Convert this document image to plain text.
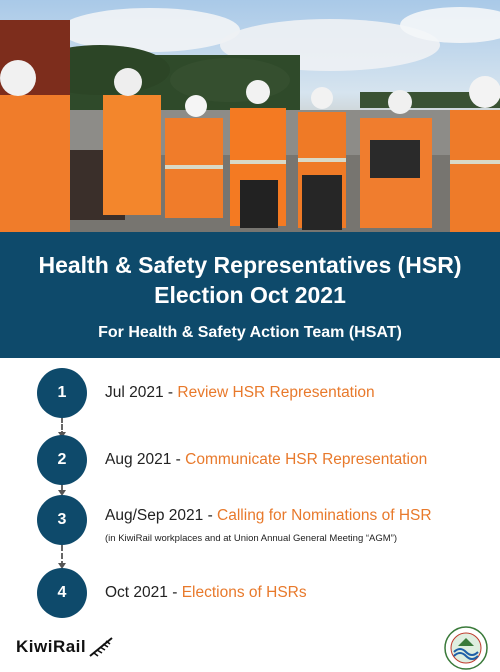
Health & Safety Representatives (HSR)
Election Oct 2021
For Health & Safety Action Team (HSAT)
1	Jul 2021 - Review HSR Representation
2	Aug 2021 - Communicate HSR Representation
3	Aug/Sep 2021 - Calling for Nominations of HSR
(in KiwiRail workplaces and at Union Annual General Meeting “AGM”)
4	Oct 2021 - Elections of HSRs
KiwiRail
